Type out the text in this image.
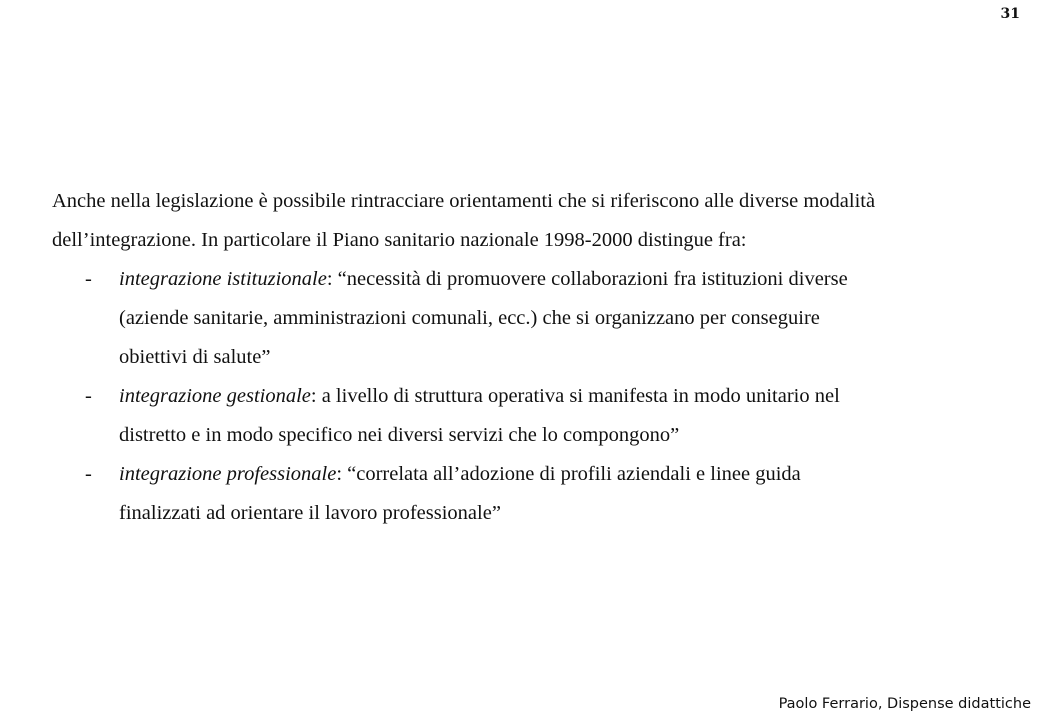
31
Anche nella legislazione è possibile rintracciare orientamenti che si riferiscono alle diverse modalità
dell’integrazione. In particolare il Piano sanitario nazionale 1998-2000 distingue fra:
- integrazione istituzionale: “necessità di promuovere collaborazioni fra istituzioni diverse
(aziende sanitarie, amministrazioni comunali, ecc.) che si organizzano per conseguire
obiettivi di salute”
- integrazione gestionale: a livello di struttura operativa si manifesta in modo unitario nel
distretto e in modo specifico nei diversi servizi che lo compongono”
- integrazione professionale: “correlata all’adozione di profili aziendali e linee guida
finalizzati ad orientare il lavoro professionale”
Paolo Ferrario, Dispense didattiche
